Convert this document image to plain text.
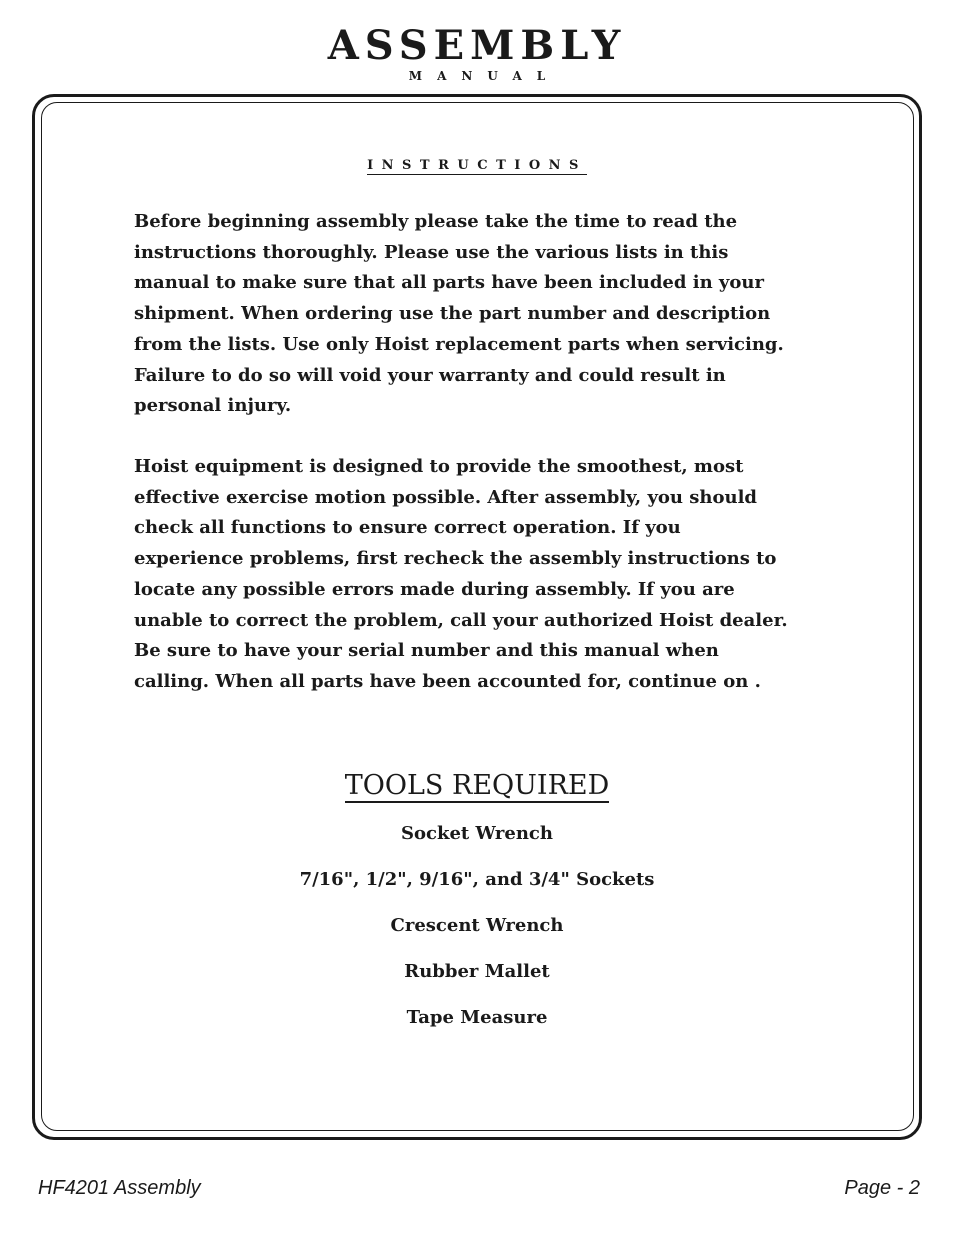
ASSEMBLY
MANUAL
INSTRUCTIONS

Before beginning assembly please take the time to read the
instructions thoroughly. Please use the various lists in this
manual to make sure that all parts have been included in your
shipment. When ordering use the part number and description
from the lists. Use only Hoist replacement parts when servicing.
Failure to do so will void your warranty and could result in
personal injury.

Hoist equipment is designed to provide the smoothest, most
effective exercise motion possible. After assembly, you should
check all functions to ensure correct operation. If you
experience problems, first recheck the assembly instructions to
locate any possible errors made during assembly. If you are
unable to correct the problem, call your authorized Hoist dealer.
Be sure to have your serial number and this manual when
calling. When all parts have been accounted for, continue on .

TOOLS REQUIRED
Socket Wrench
7/16", 1/2", 9/16", and 3/4" Sockets
Crescent Wrench
Rubber Mallet
Tape Measure
HF4201 Assembly	Page - 2
